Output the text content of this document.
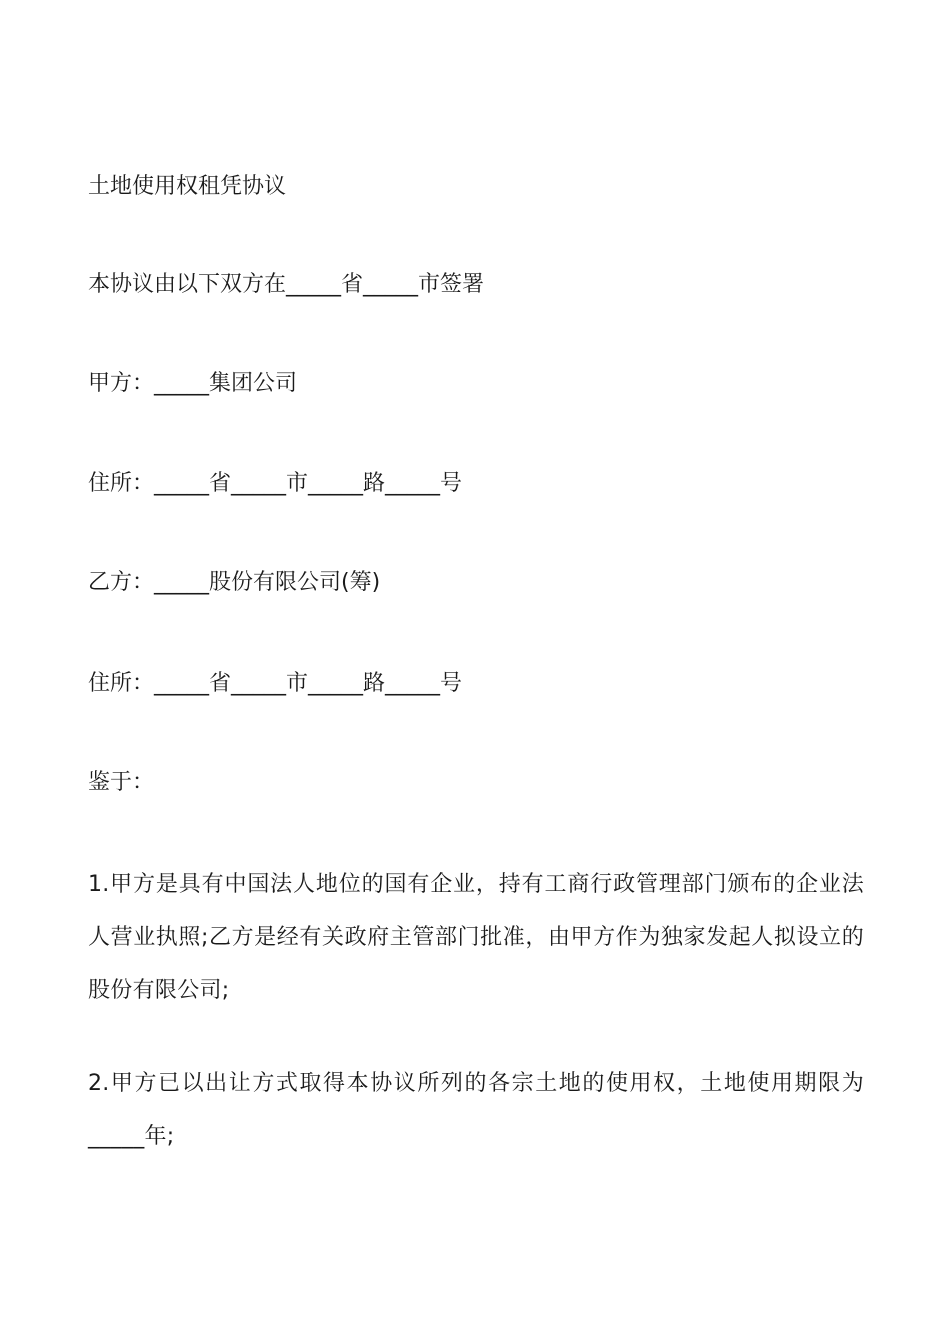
土地使用权租凭协议
本协议由以下双方在_____省_____市签署
甲方：_____集团公司
住所：_____省_____市_____路_____号
乙方：_____股份有限公司(筹)
住所：_____省_____市_____路_____号
鉴于：
1.甲方是具有中国法人地位的国有企业，持有工商行政管理部门颁布的企业法人营业执照;乙方是经有关政府主管部门批准，由甲方作为独家发起人拟设立的股份有限公司;
2.甲方已以出让方式取得本协议所列的各宗土地的使用权，土地使用期限为_____年;
